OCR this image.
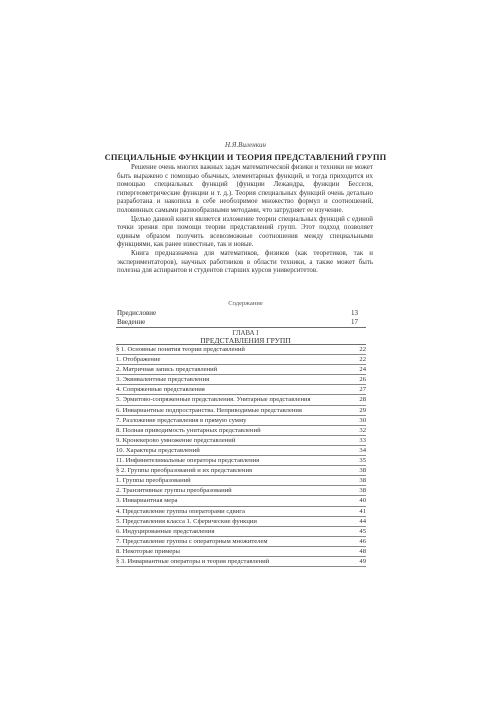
Н.Я.Виленкин
СПЕЦИАЛЬНЫЕ ФУНКЦИИ И ТЕОРИЯ ПРЕДСТАВЛЕНИЙ ГРУПП

Решение очень многих важных задач математической физики и техники не может быть выражено с помощью обычных, элементарных функций, и тогда приходится их помощью специальных функций (функции Лежандра, функции Бесселя, гипергеометрические функции и т. д.). Теория специальных функций очень детально разработана и накопила в себе необозримое множество формул и соотношений, половинных самыми разнообразными методами, что затрудняет ее изучение.

Целью данной книги является изложение теории специальных функций с единой точки зрения при помощи теории представлений групп. Этот подход позволяет единым образом получить всевозможные соотношения между специальными функциями, как ранее известные, так и новые.

Книга предназначена для математиков, физиков (как теоретиков, так и экспериментаторов), научных работников в области техники, а также может быть полезна для аспирантов и студентов старших курсов университетов.

Содержание
Предисловие	13
Введение	17
ГЛАВА I
ПРЕДСТАВЛЕНИЯ ГРУПП
§ 1. Основные понятия теории представлений	22
1. Отображение	22
2. Матричная запись представлений	24
3. Эквивалентные представления	26
4. Сопряженные представления	27
5. Эрмитово-сопряженные представления. Унитарные представления	28
6. Инвариантные подпространства. Неприводимые представления	29
7. Разложение представления в прямую сумму	30
8. Полная приводимость унитарных представлений	32
9. Кронекерово умножение представлений	33
10. Характеры представлений	34
11. Инфинитезимальные операторы представления	35
§ 2. Группы преобразований и их представления	38
1. Группы преобразований	38
2. Транзитивные группы преобразований	38
3. Инвариантная мера	40
4. Представление группы операторами сдвига	41
5. Представления класса 1. Сферические функции	44
6. Индуцированные представления	45
7. Представление группы с операторным множителем	46
8. Некоторые примеры	48
§ 3. Инвариантные операторы и теория представлений	49
